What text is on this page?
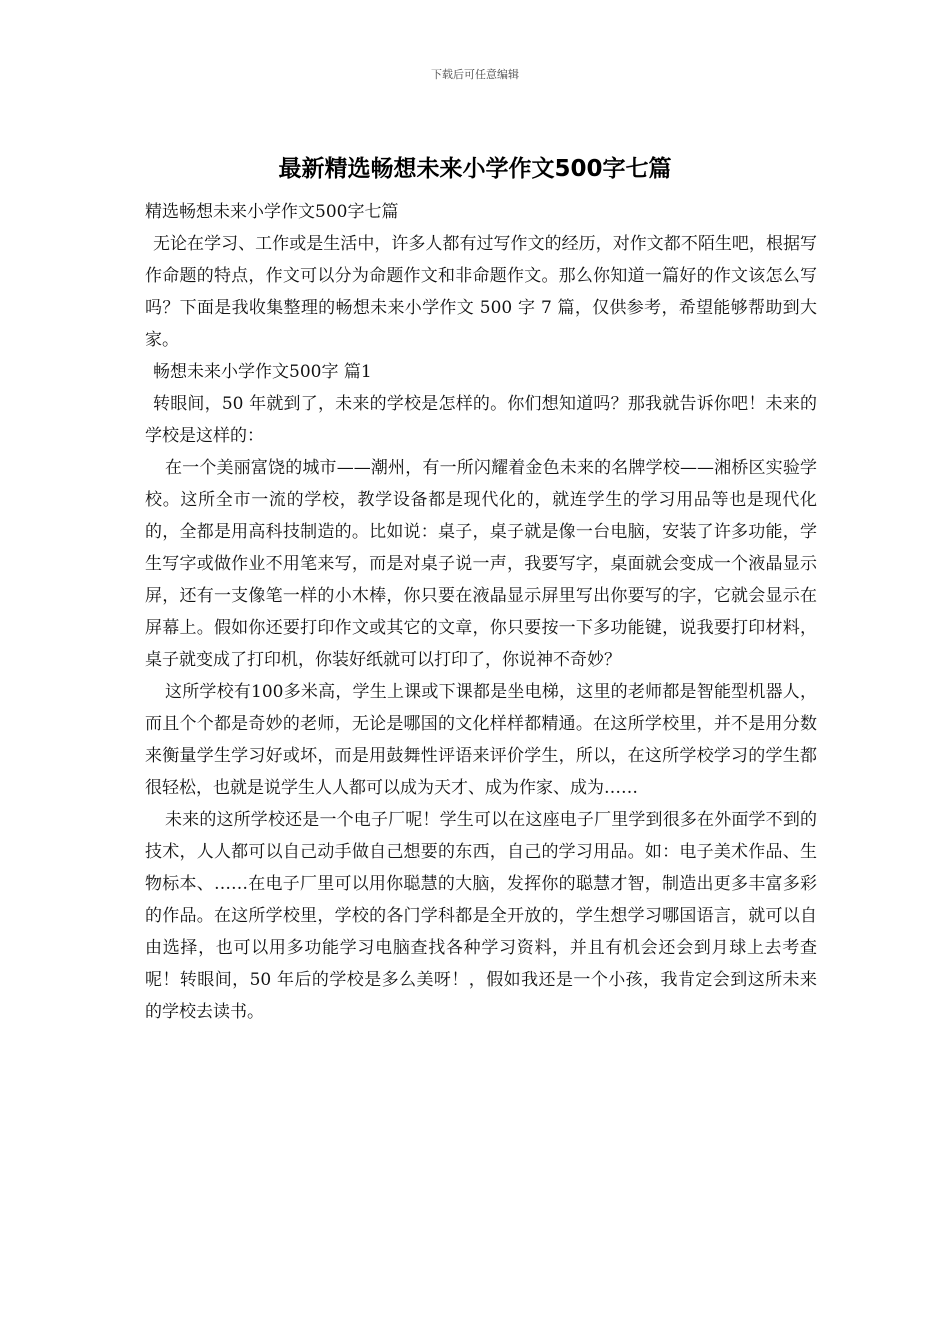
下载后可任意编辑
最新精选畅想未来小学作文500字七篇

精选畅想未来小学作文500字七篇

无论在学习、工作或是生活中，许多人都有过写作文的经历，对作文都不陌生吧，根据写作命题的特点，作文可以分为命题作文和非命题作文。那么你知道一篇好的作文该怎么写吗？下面是我收集整理的畅想未来小学作文 500 字 7 篇，仅供参考，希望能够帮助到大家。

畅想未来小学作文500字 篇1

转眼间，50 年就到了，未来的学校是怎样的。你们想知道吗？那我就告诉你吧！未来的学校是这样的：

在一个美丽富饶的城市——潮州，有一所闪耀着金色未来的名牌学校——湘桥区实验学校。这所全市一流的学校，教学设备都是现代化的，就连学生的学习用品等也是现代化的，全都是用高科技制造的。比如说：桌子，桌子就是像一台电脑，安装了许多功能，学生写字或做作业不用笔来写，而是对桌子说一声，我要写字，桌面就会变成一个液晶显示屏，还有一支像笔一样的小木棒，你只要在液晶显示屏里写出你要写的字，它就会显示在屏幕上。假如你还要打印作文或其它的文章，你只要按一下多功能键，说我要打印材料，桌子就变成了打印机，你装好纸就可以打印了，你说神不奇妙？

这所学校有100多米高，学生上课或下课都是坐电梯，这里的老师都是智能型机器人，而且个个都是奇妙的老师，无论是哪国的文化样样都精通。在这所学校里，并不是用分数来衡量学生学习好或坏，而是用鼓舞性评语来评价学生，所以，在这所学校学习的学生都很轻松，也就是说学生人人都可以成为天才、成为作家、成为……

未来的这所学校还是一个电子厂呢！学生可以在这座电子厂里学到很多在外面学不到的技术，人人都可以自己动手做自己想要的东西，自己的学习用品。如：电子美术作品、生物标本、……在电子厂里可以用你聪慧的大脑，发挥你的聪慧才智，制造出更多丰富多彩的作品。在这所学校里，学校的各门学科都是全开放的，学生想学习哪国语言，就可以自由选择，也可以用多功能学习电脑查找各种学习资料，并且有机会还会到月球上去考查呢！转眼间，50 年后的学校是多么美呀！，假如我还是一个小孩，我肯定会到这所未来的学校去读书。
